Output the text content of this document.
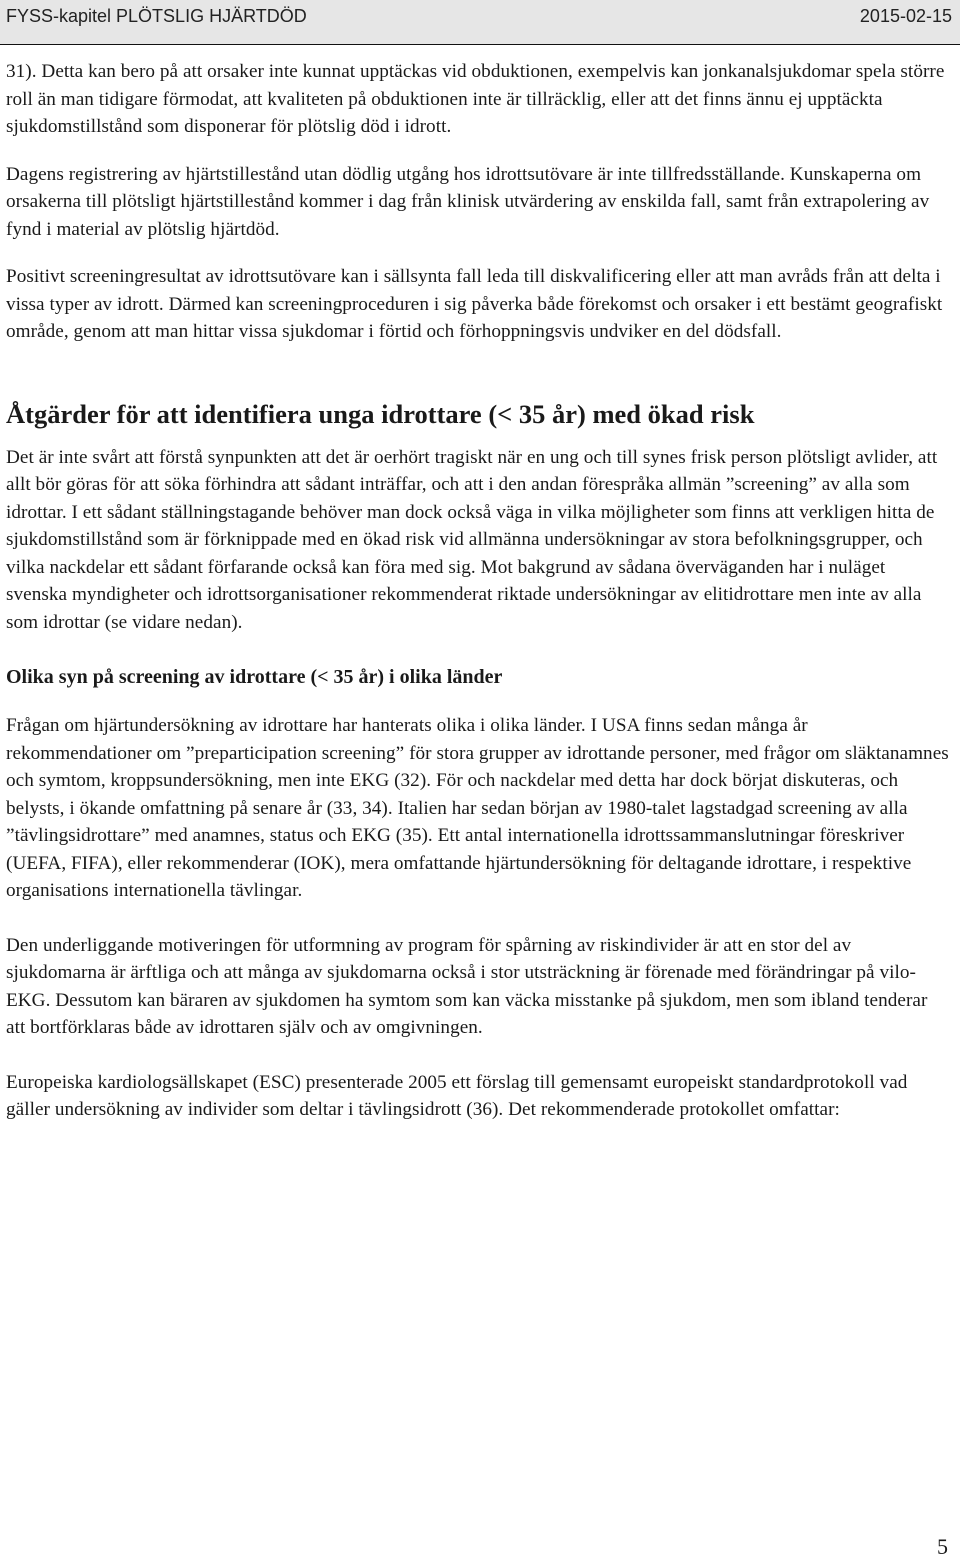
FYSS-kapitel PLÖTSLIG HJÄRTDÖD	2015-02-15

31). Detta kan bero på att orsaker inte kunnat upptäckas vid obduktionen, exempelvis kan jonkanalsjukdomar spela större roll än man tidigare förmodat, att kvaliteten på obduktionen inte är tillräcklig, eller att det finns ännu ej upptäckta sjukdomstillstånd som disponerar för plötslig död i idrott.

Dagens registrering av hjärtstillestånd utan dödlig utgång hos idrottsutövare är inte tillfredsställande. Kunskaperna om orsakerna till plötsligt hjärtstillestånd kommer i dag från klinisk utvärdering av enskilda fall, samt från extrapolering av fynd i material av plötslig hjärtdöd.

Positivt screeningresultat av idrottsutövare kan i sällsynta fall leda till diskvalificering eller att man avråds från att delta i vissa typer av idrott. Därmed kan screeningproceduren i sig påverka både förekomst och orsaker i ett bestämt geografiskt område, genom att man hittar vissa sjukdomar i förtid och förhoppningsvis undviker en del dödsfall.

Åtgärder för att identifiera unga idrottare (< 35 år) med ökad risk

Det är inte svårt att förstå synpunkten att det är oerhört tragiskt när en ung och till synes frisk person plötsligt avlider, att allt bör göras för att söka förhindra att sådant inträffar, och att i den andan förespråka allmän ”screening” av alla som idrottar. I ett sådant ställningstagande behöver man dock också väga in vilka möjligheter som finns att verkligen hitta de sjukdomstillstånd som är förknippade med en ökad risk vid allmänna undersökningar av stora befolkningsgrupper, och vilka nackdelar ett sådant förfarande också kan föra med sig. Mot bakgrund av sådana överväganden har i nuläget svenska myndigheter och idrottsorganisationer rekommenderat riktade undersökningar av elitidrottare men inte av alla som idrottar (se vidare nedan).

Olika syn på screening av idrottare (< 35 år) i olika länder

Frågan om hjärtundersökning av idrottare har hanterats olika i olika länder. I USA finns sedan många år rekommendationer om ”preparticipation screening” för stora grupper av idrottande personer, med frågor om släktanamnes och symtom, kroppsundersökning, men inte EKG (32). För och nackdelar med detta har dock börjat diskuteras, och belysts, i ökande omfattning på senare år (33, 34). Italien har sedan början av 1980-talet lagstadgad screening av alla ”tävlingsidrottare” med anamnes, status och EKG (35). Ett antal internationella idrottssammanslutningar föreskriver (UEFA, FIFA), eller rekommenderar (IOK), mera omfattande hjärtundersökning för deltagande idrottare, i respektive organisations internationella tävlingar.

Den underliggande motiveringen för utformning av program för spårning av riskindivider är att en stor del av sjukdomarna är ärftliga och att många av sjukdomarna också i stor utsträckning är förenade med förändringar på vilo-EKG. Dessutom kan bäraren av sjukdomen ha symtom som kan väcka misstanke på sjukdom, men som ibland tenderar att bortförklaras både av idrottaren själv och av omgivningen.

Europeiska kardiologsällskapet (ESC) presenterade 2005 ett förslag till gemensamt europeiskt standardprotokoll vad gäller undersökning av individer som deltar i tävlingsidrott (36). Det rekommenderade protokollet omfattar:

5
